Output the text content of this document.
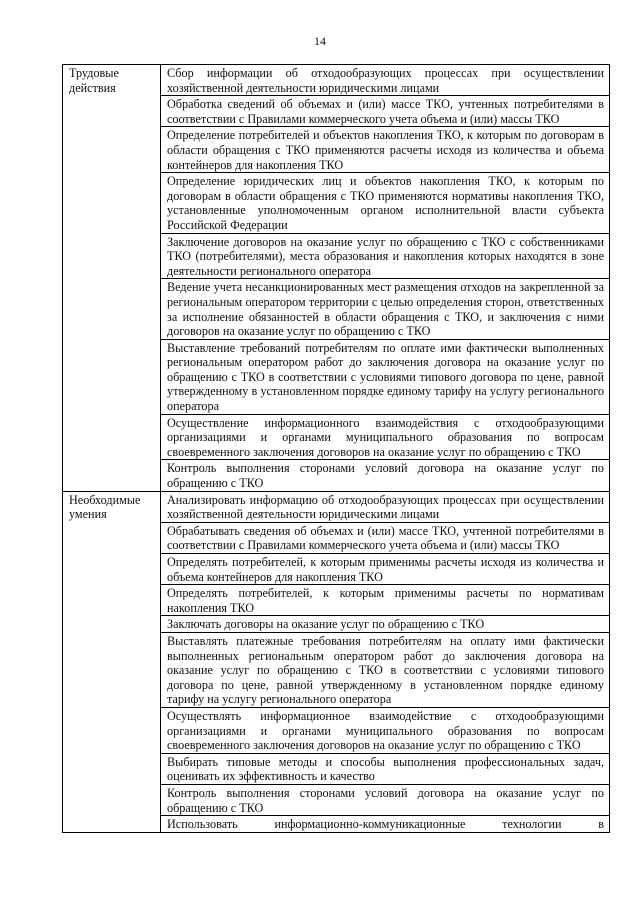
14
Трудовые действия	Сбор информации об отходообразующих процессах при осуществлении хозяйственной деятельности юридическими лицами
	Обработка сведений об объемах и (или) массе ТКО, учтенных потребителями в соответствии с Правилами коммерческого учета объема и (или) массы ТКО
	Определение потребителей и объектов накопления ТКО, к которым по договорам в области обращения с ТКО применяются расчеты исходя из количества и объема контейнеров для накопления ТКО
	Определение юридических лиц и объектов накопления ТКО, к которым по договорам в области обращения с ТКО применяются нормативы накопления ТКО, установленные уполномоченным органом исполнительной власти субъекта Российской Федерации
	Заключение договоров на оказание услуг по обращению с ТКО с собственниками ТКО (потребителями), места образования и накопления которых находятся в зоне деятельности регионального оператора
	Ведение учета несанкционированных мест размещения отходов на закрепленной за региональным оператором территории с целью определения сторон, ответственных за исполнение обязанностей в области обращения с ТКО, и заключения с ними договоров на оказание услуг по обращению с ТКО
	Выставление требований потребителям по оплате ими фактически выполненных региональным оператором работ до заключения договора на оказание услуг по обращению с ТКО в соответствии с условиями типового договора по цене, равной утвержденному в установленном порядке единому тарифу на услугу регионального оператора
	Осуществление информационного взаимодействия с отходообразующими организациями и органами муниципального образования по вопросам своевременного заключения договоров на оказание услуг по обращению с ТКО
	Контроль выполнения сторонами условий договора на оказание услуг по обращению с ТКО

Необходимые умения	Анализировать информацию об отходообразующих процессах при осуществлении хозяйственной деятельности юридическими лицами
	Обрабатывать сведения об объемах и (или) массе ТКО, учтенной потребителями в соответствии с Правилами коммерческого учета объема и (или) массы ТКО
	Определять потребителей, к которым применимы расчеты исходя из количества и объема контейнеров для накопления ТКО
	Определять потребителей, к которым применимы расчеты по нормативам накопления ТКО
	Заключать договоры на оказание услуг по обращению с ТКО
	Выставлять платежные требования потребителям на оплату ими фактически выполненных региональным оператором работ до заключения договора на оказание услуг по обращению с ТКО в соответствии с условиями типового договора по цене, равной утвержденному в установленном порядке единому тарифу на услугу регионального оператора
	Осуществлять информационное взаимодействие с отходообразующими организациями и органами муниципального образования по вопросам своевременного заключения договоров на оказание услуг по обращению с ТКО
	Выбирать типовые методы и способы выполнения профессиональных задач, оценивать их эффективность и качество
	Контроль выполнения сторонами условий договора на оказание услуг по обращению с ТКО
	Использовать информационно-коммуникационные технологии в
